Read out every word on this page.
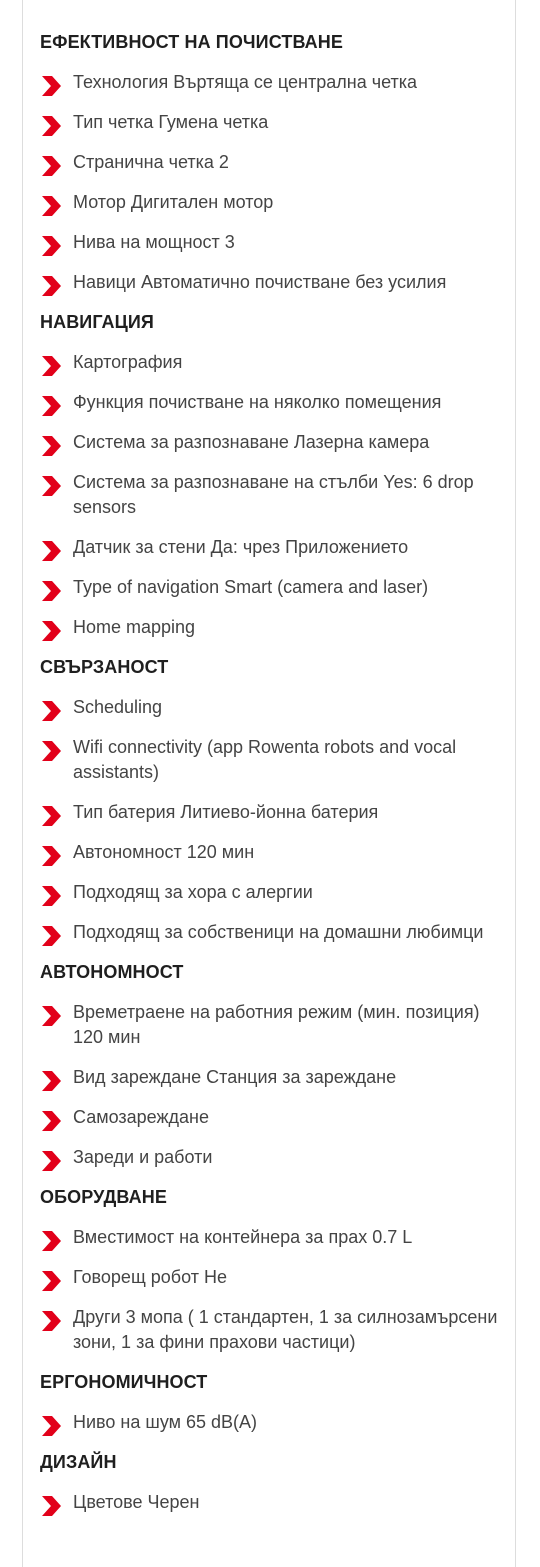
ЕФЕКТИВНОСТ НА ПОЧИСТВАНЕ
Технология Въртяща се централна четка
Тип четка Гумена четка
Странична четка 2
Мотор Дигитален мотор
Нива на мощност 3
Навици Автоматично почистване без усилия
НАВИГАЦИЯ
Картография
Функция почистване на няколко помещения
Система за разпознаване Лазерна камера
Система за разпознаване на стълби Yes: 6 drop sensors
Датчик за стени Да: чрез Приложението
Type of navigation Smart (camera and laser)
Home mapping
СВЪРЗАНОСТ
Scheduling
Wifi connectivity (app Rowenta robots and vocal assistants)
Тип батерия Литиево-йонна батерия
Автономност 120 мин
Подходящ за хора с алергии
Подходящ за собственици на домашни любимци
АВТОНОМНОСТ
Времетраене на работния режим (мин. позиция) 120 мин
Вид зареждане Станция за зареждане
Самозареждане
Зареди и работи
ОБОРУДВАНЕ
Вместимост на контейнера за прах 0.7 L
Говорещ робот Не
Други 3 мопа ( 1 стандартен, 1 за силнозамърсени зони, 1 за фини прахови частици)
ЕРГОНОМИЧНОСТ
Ниво на шум 65 dB(A)
ДИЗАЙН
Цветове Черен
